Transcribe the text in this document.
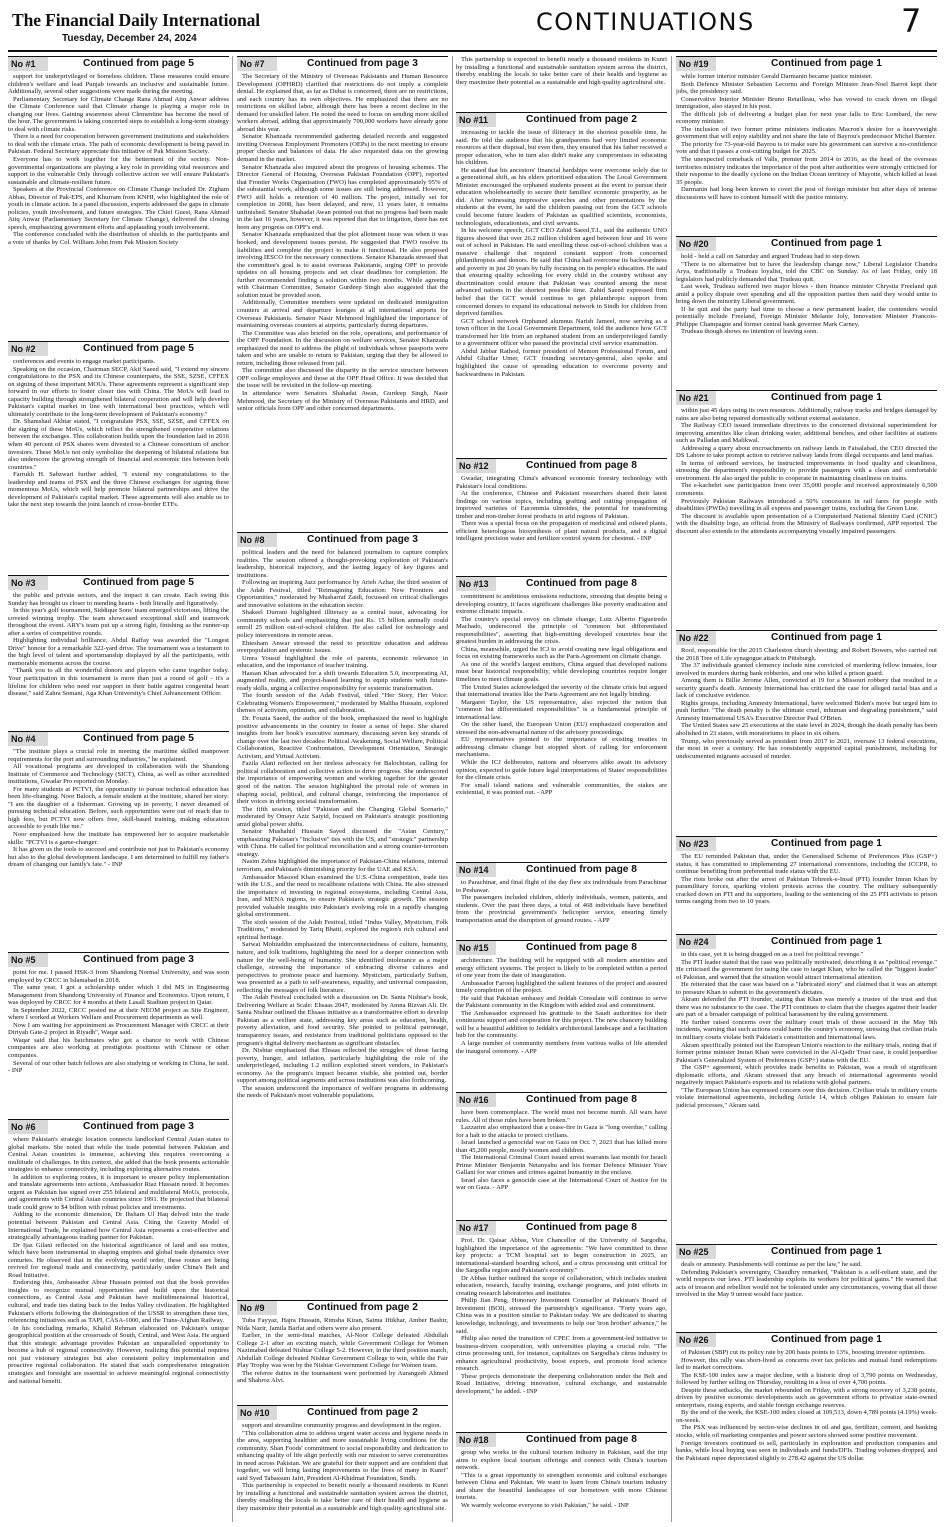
The Financial Daily International
Tuesday, December 24, 2024
CONTINUATIONS	7
No #1	Continued from page 5

support for underprivileged or homeless children. These measures could ensure children's welfare and lead Punjab towards an inclusive and sustainable future. Additionally, several other suggestions were made during the meeting.

Parliamentary Secretary for Climate Change Rana Ahmad Atiq Anwar address the Climate Conference said that Climate change is playing a major role in changing our lives. Gaining awareness about Clementine has become the need of the hour. The government is taking concerted steps to establish a long-term strategy to deal with climate risks.

There is a need for cooperation between government institutions and stakeholders to deal with the climate crisis. The path of economic development is being paved in Pakistan. Federal Secretary appreciate this initiative of Pak Mission Society.

Everyone has to work together for the betterment of the society. Non-governmental organizations are playing a key role in providing vital resources and support to the vulnerable Only through collective action we will ensure Pakistan's sustainable and climate-resilient future.

Speakers at the Provincial Conference on Climate Change included Dr. Zigham Abbas, Director of Pak-EPS, and Khurram from KNHI, who highlighted the role of youth in climate action. In a panel discussion, experts addressed the gaps in climate policies, youth involvement, and future strategies. The Chief Guest, Rana Ahmad Atiq Anwar (Parliamentary Secretary for Climate Change), delivered the closing speech, emphasizing government efforts and applauding youth involvement.

The conference concluded with the distribution of shields to the participants and a vote of thanks by Col. William John from Pak Mission Society

No #2	Continued from page 5

conferences and events to engage market participants.

Speaking on the occasion, Chairman SECP, Akif Saeed said, "I extend my sincere congratulations to the PSX and its Chinese counterparts, the SSE, SZSE, CFFEX on signing of these important MOUs. These agreements represent a significant step forward in our efforts to foster closer ties with China. The MoUs will lead to capacity building through strengthened bilateral cooperation and will help develop Pakistan's capital market in line with international best practices, which will ultimately contribute to the long-term development of Pakistan's economy."

Dr. Shamshad Akhtar stated, "I congratulate PSX, SSE, SZSE, and CFFEX on the signing of these MoUs, which reflect the strengthened cooperative relations between the exchanges. This collaboration builds upon the foundation laid in 2016 when 40 percent of PSX shares were divested to a Chinese consortium of anchor investors. These MoUs not only symbolize the deepening of bilateral relations but also underscore the growing strength of financial and economic ties between both countries."

Farrukh H. Sabzwari further added, "I extend my congratulations to the leadership and teams of PSX and the three Chinese exchanges for signing these momentous MoUs, which will help promote bilateral partnerships and drive the development of Pakistan's capital market. These agreements will also enable us to take the next step towards the joint launch of cross-border ETFs.

No #3	Continued from page 5

the public and private sectors, and the impact it can create. Each swing this Sunday has brought us closer to mending hearts - both literally and figuratively.

In this year's golf tournament, Siddique Sons' team emerged victorious, lifting the coveted winning trophy. The team showcased exceptional skill and teamwork throughout the event. ARY's team put up a strong fight, finishing as the runner-up after a series of competitive rounds.

Highlighting individual brilliance, Abdul Raffay was awarded the "Longest Drive" honour for a remarkable 322-yard drive. The tournament was a testament to the high level of talent and sportsmanship displayed by all the participants, with memorable moments across the course.

"Thank you to all the wonderful donors and players who came together today. Your participation in this tournament is more than just a round of golf - it's a lifeline for children who need our support in their battle against congenital heart disease," said Zahra Somani, Aga Khan University's Chief Advancement Officer.

No #4	Continued from page 5

"The institute plays a crucial role in meeting the maritime skilled manpower requirements for the port and surrounding industries," he explained.

All vocational programs are developed in collaboration with the Shandong Institute of Commerce and Technology (SICT), China, as well as other accredited institutions, Gwadar Pro reported on Monday.

For many students at PCTVI, the opportunity to pursue technical education has been life-changing. Noor Baloch, a female student at the institute, shared her story: "I am the daughter of a fisherman. Growing up in poverty, I never dreamed of pursuing technical education. Before, such opportunities were out of reach due to high fees, but PCTVI now offers free, skill-based training, making education accessible to youth like me."

Noor emphasized how the institute has empowered her to acquire marketable skills: "PCTVI is a game-changer.

It has given us the tools to succeed and contribute not just to Pakistan's economy but also to the global development landscape. I am determined to fulfill my father's dream of changing our family's fate." - INP

No #5	Continued from page 3

point for me. I passed HSK-3 from Shandong Normal University, and was soon employed by CRCC in Islamabad in 2018.

The same year, I got a scholarship under which I did MS in Engineering Management from Shandong University of Finance and Economics. Upon return, I was deployed by CRCC for 4 months at their Lasall Stadium project in Qatar.

In September 2022, CRCC posted me at their NEOM project as Site Engineer, where I worked at Workers Welfare and Procurement departments as well.

Now I am waiting for appointment as Procurement Manager with CRCC at their Diriyah Gate-2 project in Riyadh", Waqar said.

Waqar said that his batchmates who got a chance to work with Chinese companies are also working at prestigious positions with Chinese or other companies.

Several of our other batch fellows are also studying or working in China, he said. - INP

No #6	Continued from page 3

where Pakistan's strategic location connects landlocked Central Asian states to global markets. She noted that while the trade potential between Pakistan and Central Asian countries is immense, achieving this requires overcoming a multitude of challenges. In this context, she added that the book presents actionable strategies to enhance connectivity, including exploring alternative routes.

In addition to exploring routes, it is important to ensure policy implementation and translate agreements into actions, Ambassador Riaz Hussain noted. It becomes urgent as Pakistan has signed over 255 bilateral and multilateral MoUs, protocols, and agreements with Central Asian countries since 1991. He projected that bilateral trade could grow to $4 billion with robust policies and investments.

Adding to the economic dimension, Dr Ihsham Ul Haq delved into the trade potential between Pakistan and Central Asia. Citing the Gravity Model of International Trade, he explained how Central Asia represents a cost-effective and strategically advantageous trading partner for Pakistan.

Dr Ijaz Gilani reflected on the historical significance of land and sea routes, which have been instrumental in shaping empires and global trade dynamics over centuries. He observed that in the evolving world order, these routes are being revived for regional trade and connectivity, particularly under China's Belt and Road Initiative.

Endorsing this, Ambassador Abrar Hussain pointed out that the book provides insights to recognize mutual opportunities and build upon the historical connections, as Central Asia and Pakistan have multidimensional historical, cultural, and trade ties dating back to the Indus Valley civilization. He highlighted Pakistan's efforts following the disintegration of the USSR to strengthen these ties, referencing initiatives such as TAPI, CASA-1000, and the Trans-Afghan Railway.

In his concluding remarks, Khalid Rehman elaborated on Pakistan's unique geographical position at the crossroads of South, Central, and West Asia. He argued that this strategic advantage provides Pakistan an unparalleled opportunity to become a hub of regional connectivity. However, realizing this potential requires not just visionary strategies but also consistent policy implementation and proactive regional collaboration. He stated that such comprehensive integration strategies and foresight are essential to achieve meaningful regional connectivity and national benefit.

No #7	Continued from page 3

The Secretary of the Ministry of Overseas Pakistanis and Human Resource Development (OPHRD) clarified that restrictions do not imply a complete denial. He explained that, as far as Dubai is concerned, there are no restrictions, and each country has its own objectives. He emphasized that there are no restrictions on skilled labor, although there has been a recent decline in the demand for unskilled labor. He noted the need to focus on sending more skilled workers abroad, adding that approximately 700,000 workers have already gone abroad this year.

Senator Khanzada recommended gathering detailed records and suggested inviting Overseas Employment Promoters (OEPs) to the next meeting to ensure proper checks and balances of data. He also requested data on the growing demand in the market.

Senator Khanzada also inquired about the progress of housing schemes. The Director General of Housing, Overseas Pakistan Foundation (OPF), reported that Frontier Works Organisation (FWO) has completed approximately 95% of the substantial work, although some issues are still being addressed. However, FWO still holds a retention of 40 million. The project, initially set for completion in 2008, has been delayed, and now, 11 years later, it remains unfinished. Senator Shahadat Awan pointed out that no progress had been made in the last 16 years, however, it was reported that due to litigation, there has not been any progress on OPF's end.

Senator Khanzada emphasized that the plot allotment issue was when it was booked, and development issues persist. He suggested that FWO resolve its liabilities and complete the project to make it functional. He also proposed involving IESCO for the necessary connections. Senator Khanzada stressed that the committee's goal is to assist overseas Pakistanis, urging OPF to provide updates on all housing projects and set clear deadlines for completion. He further recommended finding a solution within two months. While agreeing with Chairman Committee, Senator Gurdeep Singh also suggested that the solution must be provided soon.

Additionally, Committee members were updated on dedicated immigration counters at arrival and departure lounges at all international airports for Overseas Pakistanis. Senator Nasir Mehmood highlighted the importance of maintaining overseas counters at airports, particularly during departures.

The Committee was also briefed on the role, operations, and performance of the OPF Foundation. In the discussion on welfare services, Senator Khanzada emphasized the need to address the plight of individuals whose passports were taken and who are unable to return to Pakistan, urging that they be allowed to return, including those released from jail.

The committee also discussed the disparity in the service structure between OPF college employees and those at the OPF Head Office. It was decided that the issue will be revisited in the follow-up meeting.

In attendance were Senators Shahadat Awan, Gurdeep Singh, Nasir Mehmood, the Secretary of the Ministry of Overseas Pakistanis and HRD, and senior officials from OPF and other concerned departments.

No #8	Continued from page 3

political leaders and the need for balanced journalism to capture complex realities. The session offered a thought-provoking exploration of Pakistan's leadership, historical trajectory, and the lasting legacy of key figures and institutions.

Following an inspiring Jazz performance by Arieb Azhar, the third session of the Adab Festival, titled "Reimagining Education: New Frontiers and Opportunities," moderated by Musharraf Zaidi, focussed on critical challenges and innovative solutions in the education sector.

Shakeel Durrani highlighted illiteracy as a central issue, advocating for community schools and emphasizing that just Rs. 15 billion annually could enroll 25 million out-of-school children. He also called for technology and policy interventions in remote areas.

Ehtesham Anwar stressed the need to prioritize education and address overpopulation and systemic issues.

Umra Yousuf highlighted the role of parents, economic relevance in education, and the importance of teacher training.

Hassan Khan advocated for a shift towards Education 5.0, incorporating AI, augmented reality, and project-based learning to equip students with future-ready skills, urging a collective responsibility for systemic transformation.

The fourth session of the Adab Festival, titled "Her Story, Her Voice: Celebrating Women's Empowerment," moderated by Maliha Hussain, explored themes of activism, optimism, and collaboration.

Dr. Fouzia Saeed, the author of the book, emphasized the need to highlight positive advancements in the country to foster a sense of hope. She shared insights from her book's executive summary, discussing seven key strands of change over the last two decades: Political Awakening, Social Welfare, Political Collaboration, Reactive Confrontation, Development Orientation, Strategic Activism, and Virtual Activism.

Fazila Alani reflected on her tireless advocacy for Balochistan, calling for political collaboration and collective action to drive progress. She underscored the importance of empowering women and working together for the greater good of the nation. The session highlighted the pivotal role of women in shaping social, political, and cultural change, reinforcing the importance of their voices in driving societal transformation.

The fifth session, titled "Pakistan and the Changing Global Scenario," moderated by Omayr Aziz Saiyid, focused on Pakistan's strategic positioning amid global power shifts.

Senator Mushahid Hussain Sayed discussed the "Asian Century," emphasizing Pakistan's "Inclusive" ties with the US, and "strategic" partnership with China. He called for political reconciliation and a strong counter-terrorism strategy.

Nasim Zehra highlighted the importance of Pakistan-China relations, internal terrorism, and Pakistan's diminishing priority for the UAE and KSA.

Ambassador Masood Khan examined the U.S.-China competition, trade ties with the U.S., and the need to recalibrate relations with China. He also stressed the importance of investing in regional ecosystems, including Central Asia, Iran, and MENA regions, to ensure Pakistan's strategic growth. The session provided valuable insights into Pakistan's evolving role in a rapidly changing global environment.

The sixth session of the Adab Festival, titled "Indus Valley, Mysticism, Folk Traditions," moderated by Tariq Bhatti, explored the region's rich cultural and spiritual heritage.

Sarwat Mohiuddin emphasized the interconnectedness of culture, humanity, nature, and folk traditions, highlighting the need for a deeper connection with nature for the well-being of humanity. She identified intolerance as a major challenge, stressing the importance of embracing diverse cultures and perspectives to promote peace and harmony. Mysticism, particularly Sufism, was presented as a path to self-awareness, equality, and universal compassion, reflecting the messages of folk literature.

The Adab Festival concluded with a discussion on Dr. Sania Nishtar's book, Delivering Welfare at Scale: Ehsaas 2047, moderated by Amna Rizvan Ali. Dr. Sania Nishtar outlined the Ehsaas initiative as a transformative effort to develop Pakistan as a welfare state, addressing key areas such as education, health, poverty alleviation, and food security. She pointed to political patronage, transparency issues, and resistance from traditional politicians opposed to the program's digital delivery mechanism as significant obstacles.

Dr. Nishtar emphasized that Ehsaas reflected the struggles of those facing poverty, hunger, and inflation, particularly highlighting the role of the underprivileged, including 1.2 million exploited street vendors, in Pakistan's economy. As the program's impact became visible, she pointed out, border support among political segments and across institutions was also forthcoming.

The session underscored the importance of welfare programs in addressing the needs of Pakistan's most vulnerable populations.

No #9	Continued from page 2

Tuba Fayyaz, Hajra Hussain, Rimsha Kiran, Saima Iftikhar, Amber Bashir, Nida Nazir, Jamila Barfat and others were also present.

Earlier, in the semi-final matches, Al-Noor College defeated Abdullah College 2-1 after an exciting match, while Government College for Women Nazimabad defeated Nishtar College 5-2. However, in the third position match, Abdullah College defeated Nishtar Government College to win, while the Fair Play Trophy was won by the Nishtar Government College for Women team.

The referee duties in the tournament were performed by Aurangzeb Ahmed and Shahroz Alvi.

No #10	Continued from page 2

support and streamline community progress and development in the region.

"This collaboration aims to address urgent water access and hygiene needs in the area, supporting healthier and more sustainable living conditions for the community. Shan Foods' commitment to social responsibility and dedication to enhancing quality of life align perfectly with our mission to serve communities in need across Pakistan. We are grateful for their support and are confident that together, we will bring lasting improvements to the lives of many in Kunri" said Syed Tabassum Jafri, President Al-Khidmat Foundation, Sindh.

This partnership is expected to benefit nearly a thousand residents in Kunri by installing a functional and sustainable sanitation system across the district, thereby enabling the locals to take better care of their health and hygiene as they maximize their potential as a sustainable and high quality agricultural site.

This partnership is expected to benefit nearly a thousand residents in Kunri by installing a functional and sustainable sanitation system across the district, thereby enabling the locals to take better care of their health and hygiene as they maximize their potential as a sustainable and high quality agricultural site.

No #11	Continued from page 2

increasing to tackle the issue of illiteracy in the shortest possible time, he said. He told the audience that his grandparents had very limited economic resources at their disposal, but even then, they ensured that his father received a proper education, who in turn also didn't make any compromises in educating his children.

He stated that his ancestors' financial hardships were overcome solely due to a generational shift, as his elders prioritised education. The Local Government Minister encouraged the orphaned students present at the event to pursue their education wholeheartedly to secure their families' economic prosperity, as he did. After witnessing impressive speeches and other presentations by the students at the event, he said the children passing out from the GCT schools could become future leaders of Pakistan as qualified scientists, economists, technologists, educationists, and civil servants.

In his welcome speech, GCT CEO Zahid Saeed,T.I., said the authentic UNO figures showed that over 26.2 million children aged between four and 16 were out of school in Pakistan. He said enrolling these out-of-school children was a massive challenge that required constant support from concerned philanthropists and donors. He said that China had overcome its backwardness and poverty in just 20 years by fully focusing on its people's education. He said that ensuring quality schooling for every child in the country without any discrimination could ensure that Pakistan was counted among the most advanced nations in the shortest possible time. Zahid Saeed expressed firm belief that the GCT would continue to get philanthropic support from concerned donors to expand its educational network in Sindh for children from deprived families.

GCT school network Orphaned alumnus Narish Jameel, now serving as a town officer in the Local Government Department, told the audience how GCT transformed her life from an orphaned student from an underprivileged family to a government officer who passed the provincial civil service examination.

Abdul Jabbar Rathod, former president of Memon Professional Forum, and Abdul Ghaffar Umer, GCT founding secretary-general, also spoke and highlighted the cause of spreading education to overcome poverty and backwardness in Pakistan.

No #12	Continued from page 8

Gwadar, integrating China's advanced economic forestry technology with Pakistan's local conditions.

At the conference, Chinese and Pakistani researchers shared their latest findings on various topics, including grafting and cutting propagation of improved varieties of Eucommia ulmoides, the potential for transforming timber and non-timber forest products in arid regions of Pakistan.

There was a special focus on the propagation of medicinal and oilseed plants, efficient heterologous biosynthesis of plant natural products, and a digital intelligent precision water and fertilizer control system for chestnut. - INP

No #13	Continued from page 8

commitment to ambitious emissions reductions, stressing that despite being a developing country, it faces significant challenges like poverty eradication and extreme climatic impacts.

The country's special envoy on climate change, Luiz Alberto Figueiredo Machado, underscored the principle of "common but differentiated responsibilities", asserting that high-emitting developed countries bear the greatest burden in addressing the crisis.

China, meanwhile, urged the ICJ to avoid creating new legal obligations and focus on existing frameworks such as the Paris Agreement on climate change.

As one of the world's largest emitters, China argued that developed nations must bear historical responsibility, while developing countries require longer timelines to meet climate goals.

The United States acknowledged the severity of the climate crisis but argued that international treaties like the Paris Agreement are not legally binding.

Margaret Taylor, the US representative, also rejected the notion that "common but differentiated responsibilities" is a fundamental principle of international law.

On the other hand, the European Union (EU) emphasized cooperation and stressed the non-adversarial nature of the advisory proceedings.

EU representatives pointed to the importance of existing treaties in addressing climate change but stopped short of calling for enforcement mechanisms.

While the ICJ deliberates, nations and observers alike await its advisory opinion, expected to guide future legal interpretations of States' responsibilities for the climate crisis.

For small island nations and vulnerable communities, the stakes are existential, it was pointed out. - APP

No #14	Continued from page 8

to Parachinar, and final flight of the day flew six individuals from Parachinar to Peshawar.

The passengers included children, elderly individuals, women, patients, and students. Over the past three days, a total of 468 individuals have benefited from the provincial government's helicopter service, ensuring timely transportation amid the disruption of ground routes. - APP

No #15	Continued from page 8

architecture. The building will be equipped with all modern amenities and energy efficient systems. The project is likely to be completed within a period of one year from the date of inauguration.

Ambassador Farooq highlighted the salient features of the project and assured timely completion of the project.

He said that Pakistan embassy and Jeddah Consulate will continue to serve the Pakistani community in the Kingdom with added zeal and commitment.

The Ambassador expressed his gratitude to the Saudi authorities for their continuous support and cooperation for this project. The new chancery building will be a beautiful addition to Jeddah's architectural landscape and a facilitation hub for the community.

A large number of community members from various walks of life attended the inaugural ceremony. - APP

No #16	Continued from page 8

have been commonplace. The world must not become numb. All wars have rules. All of those rules have been broken."

Lazzarini also emphasized that a cease-fire in Gaza is "long overdue," calling for a halt to the attacks to protect civilians.

Israel launched a genocidal war on Gaza on Oct. 7, 2023 that has killed more than 45,200 people, mostly women and children.

The International Criminal Court issued arrest warrants last month for Israeli Prime Minister Benjamin Netanyahu and his former Defence Minister Yoav Gallant for war crimes and crimes against humanity in the enclave.

Israel also faces a genocide case at the International Court of Justice for its war on Gaza. - APP

No #17	Continued from page 8

Prof. Dr. Qaisar Abbas, Vice Chancellor of the University of Sargodha, highlighted the importance of the agreements: "We have committed to three key projects: a TCM hospital set to begin construction in 2025, an international-standard boarding school, and a citrus processing unit critical for the Sargodha region and Pakistan's economy."

Dr Abbas further outlined the scope of collaboration, which includes student education, research, faculty training, exchange programs, and joint efforts in creating research laboratories and institutes.

Philip Jian Peng, Honorary Investment Counsellor at Pakistan's Board of Investment (BOI), stressed the partnership's significance. "Forty years ago, China was in a position similar to Pakistan today. We are dedicated to sharing knowledge, technology, and investments to help our 'iron brother' advance," he said.

Philip also noted the transition of CPEC from a government-led initiative to business-driven cooperation, with universities playing a crucial role. "The citrus processing unit, for instance, capitalizes on Sargodha's citrus industry to enhance agricultural productivity, boost exports, and promote food science research.

These projects demonstrate the deepening collaboration under the Belt and Road Initiative, driving innovation, cultural exchange, and sustainable development," he added. - INP

No #18	Continued from page 8

group who works in the cultural tourism industry in Pakistan, said the trip aims to explore local tourism offerings and connect with China's tourism network.

"This is a great opportunity to strengthen economic and cultural exchanges between China and Pakistan. We want to learn from China's tourism industry and share the beautiful landscapes of our hometown with more Chinese tourists.

We warmly welcome everyone to visit Pakistan," he said. - INP

No #19	Continued from page 1

while former interior minister Gerald Darmanin became justice minister.

Both Defence Minister Sebastien Lecornu and Foreign Minister Jean-Noel Barrot kept their jobs, the presidency said.

Conservative Interior Minister Bruno Retailleau, who has vowed to crack down on illegal immigration, also stayed in his post.

The difficult job of delivering a budget plan for next year falls to Eric Lombard, the new economy minister.

The inclusion of two former prime ministers indicates Macron's desire for a heavyweight government that will enjoy stability and not share the fate of Bayrou's predecessor Michel Barnier.

The priority for 73-year-old Bayrou is to make sure his government can survive a no-confidence vote and that it passes a cost-cutting budget for 2025.

The unexpected comeback of Valls, premier from 2014 to 2016, as the head of the overseas territories ministry indicates the importance of the post after authorities were strongly criticised for their response to the deadly cyclone on the Indian Ocean territory of Mayotte, which killed at least 35 people.

Darmanin had long been known to covet the post of foreign minister but after days of intense discussions will have to content himself with the justice ministry.

No #20	Continued from page 1

hold - held a call on Saturday and argued Trudeau had to step down.

"There is no alternative but to have the leadership change now," Liberal Legislator Chandra Arya, traditionally a Trudeau loyalist, told the CBC on Sunday. As of last Friday, only 18 legislators had publicly demanded that Trudeau quit.

Last week, Trudeau suffered two major blows - then finance minister Chrystia Freeland quit amid a policy dispute over spending and all the opposition parties then said they would unite to bring down the minority Liberal government.

If he quit and the party had time to choose a new permanent leader, the contenders would potentially include Freeland, Foreign Minister Melanie Joly, Innovation Minister Francois-Philippe Champagne and former central bank governor Mark Carney.

Trudeau though shows no intention of leaving soon.

No #21	Continued from page 1

within just 45 days using its own resources. Additionally, railway tracks and bridges damaged by rains are also being repaired domestically without external assistance.

The Railway CEO issued immediate directives to the concerned divisional superintendent for improving amenities like clean drinking water, additional benches, and other facilities at stations such as Palladan and Malikwal.

Addressing a query about encroachments on railway lands in Faisalabad, the CEO directed the DS Lahore to take prompt action to retrieve railway lands from illegal occupants and land mafias.

In terms of onboard services, he instructed improvements in food quality and cleanliness, stressing the department's responsibility to provide passengers with a clean and comfortable environment. He also urged the public to cooperate in maintaining cleanliness on trains.

The e-kachehri saw participation from over 35,000 people and received approximately 6,500 comments.

Previously Pakistan Railways introduced a 50% concession in rail fares for people with disabilities (PWDs) travelling in all express and passenger trains, excluding the Green Line.

The discount is available upon presentation of a Computerised National Identity Card (CNIC) with the disability logo, an official from the Ministry of Railways confirmed, APP reported. The discount also extends to the attendants accompanying visually impaired passengers.

No #22	Continued from page 1

Roof, responsible for the 2015 Charleston church shooting; and Robert Bowers, who carried out the 2018 Tree of Life synagogue attack in Pittsburgh.

The 37 individuals granted clemency include nine convicted of murdering fellow inmates, four involved in murders during bank robberies, and one who killed a prison guard.

Among them is Billie Jerome Allen, convicted at 19 for a Missouri robbery that resulted in a security guard's death. Amnesty International has criticised the case for alleged racial bias and a lack of conclusive evidence.

Rights groups, including Amnesty International, have welcomed Biden's move but urged him to push further. "The death penalty is the ultimate cruel, inhuman and degrading punishment," said Amnesty International USA's Executive Director Paul O'Brien.

The United States saw 25 executions at the state level in 2024, though the death penalty has been abolished in 23 states, with moratoriums in place in six others.

Trump, who previously served as president from 2017 to 2021, oversaw 13 federal executions, the most in over a century. He has consistently supported capital punishment, including for undocumented migrants accused of murder.

No #23	Continued from page 1

The EU reminded Pakistan that, under the Generalised Scheme of Preferences Plus (GSP+) status, it has committed to implementing 27 international conventions, including the ICCPR, to continue benefiting from preferential trade status with the EU.

The riots broke out after the arrest of Pakistan Tehreek-e-Insaf (PTI) founder Imran Khan by paramilitary forces, sparking violent protests across the country. The military subsequently cracked down on PTI and its supporters, leading to the sentencing of the 25 PTI activists to prison terms ranging from two to 10 years.

No #24	Continued from page 1

in this case, yet it is being dragged on as a tool for political revenge."

The PTI leader stated that the case was politically motivated, describing it as "political revenge." He criticised the government for using the case to target Khan, who he called the "biggest leader" of Pakistan, and warned that the situation would attract international attention.

He reiterated that the case was based on a "fabricated story" and claimed that it was an attempt to pressure Khan to submit to the government's dictates.

Akram defended the PTI founder, stating that Khan was merely a trustee of the trust and that there was no substance to the case. The PTI continues to claim that the charges against their leader are part of a broader campaign of political harassment by the ruling government.

He further raised concerns over the military court trials of those accused in the May 9th incidents, warning that such actions could harm the country's economy, stressing that civilian trials in military courts violate both Pakistan's constitution and international laws.

Akram specifically pointed out the European Union's reaction to the military trials, noting that if former prime minister Imran Khan were convicted in the Al-Qadir Trust case, it could jeopardise Pakistan's Generalized System of Preferences (GSP+) status with the EU.

The GSP+ agreement, which provides trade benefits to Pakistan, was a result of significant diplomatic efforts, and Akram stressed that any breach of international agreements would negatively impact Pakistan's exports and its relations with global partners.

"The European Union has expressed concern over this decision. Civilian trials in military courts violate international agreements, including Article 14, which obliges Pakistan to ensure fair judicial processes," Akram said.

No #25	Continued from page 1

deals or amnesty. Punishments will continue as per the law," he said.

Defending Pakistan's sovereignty, Chaudhry remarked, "Pakistan is a self-reliant state, and the world respects our laws. PTI leadership exploits its workers for political gains." He warned that acts of treason and rebellion would not be tolerated under any circumstances, vowing that all those involved in the May 9 unrest would face justice.

No #26	Continued from page 1

of Pakistan (SBP) cut its policy rate by 200 basis points to 13%, boosting investor optimism.

However, this rally was short-lived as concerns over tax policies and mutual fund redemptions led to market corrections.

The KSE-100 index saw a major decline, with a historic drop of 3,790 points on Wednesday, followed by further selling on Thursday, resulting in a loss of over 4,700 points.

Despite these setbacks, the market rebounded on Friday, with a strong recovery of 3,238 points, driven by positive economic developments such as government efforts to privatize state-owned enterprises, rising exports, and stable foreign exchange reserves.

By the end of the week, the KSE-100 index closed at 109,513, down 4,789 points (4.19%) week-on-week.

The PSX was influenced by sector-wise declines in oil and gas, fertilizer, cement, and banking stocks, while oil marketing companies and power sectors showed some positive movement.

Foreign investors continued to sell, particularly in exploration and production companies and banks, while local buying was seen in individuals and funds/DFIs. Trading volumes dropped, and the Pakistani rupee depreciated slightly to 278.42 against the US dollar.
